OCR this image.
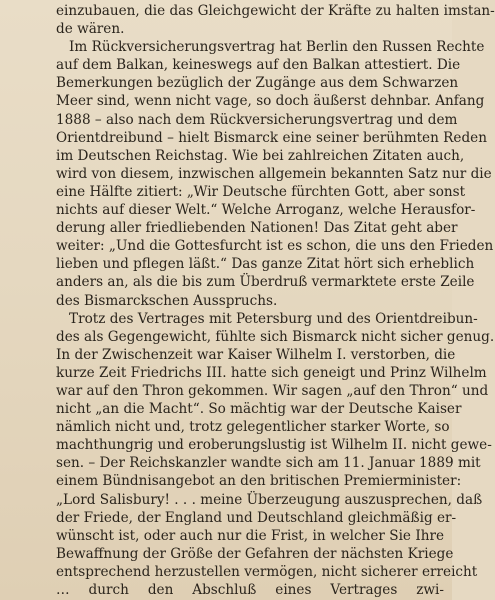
einzubauen, die das Gleichgewicht der Kräfte zu halten imstan-
de wären.
Im Rückversicherungsvertrag hat Berlin den Russen Rechte
auf dem Balkan, keineswegs auf den Balkan attestiert. Die
Bemerkungen bezüglich der Zugänge aus dem Schwarzen
Meer sind, wenn nicht vage, so doch äußerst dehnbar. Anfang
1888 – also nach dem Rückversicherungsvertrag und dem
Orientdreibund – hielt Bismarck eine seiner berühmten Reden
im Deutschen Reichstag. Wie bei zahlreichen Zitaten auch,
wird von diesem, inzwischen allgemein bekannten Satz nur die
eine Hälfte zitiert: „Wir Deutsche fürchten Gott, aber sonst
nichts auf dieser Welt.“ Welche Arroganz, welche Herausfor-
derung aller friedliebenden Nationen! Das Zitat geht aber
weiter: „Und die Gottesfurcht ist es schon, die uns den Frieden
lieben und pflegen läßt.“ Das ganze Zitat hört sich erheblich
anders an, als die bis zum Überdruß vermarktete erste Zeile
des Bismarckschen Ausspruchs.
Trotz des Vertrages mit Petersburg und des Orientdreibun-
des als Gegengewicht, fühlte sich Bismarck nicht sicher genug.
In der Zwischenzeit war Kaiser Wilhelm I. verstorben, die
kurze Zeit Friedrichs III. hatte sich geneigt und Prinz Wilhelm
war auf den Thron gekommen. Wir sagen „auf den Thron“ und
nicht „an die Macht“. So mächtig war der Deutsche Kaiser
nämlich nicht und, trotz gelegentlicher starker Worte, so
machthungrig und eroberungslustig ist Wilhelm II. nicht gewe-
sen. – Der Reichskanzler wandte sich am 11. Januar 1889 mit
einem Bündnisangebot an den britischen Premierminister:
„Lord Salisbury! . . . meine Überzeugung auszusprechen, daß
der Friede, der England und Deutschland gleichmäßig er-
wünscht ist, oder auch nur die Frist, in welcher Sie Ihre
Bewaffnung der Größe der Gefahren der nächsten Kriege
entsprechend herzustellen vermögen, nicht sicherer erreicht
… durch den Abschluß eines Vertrages zwi-
